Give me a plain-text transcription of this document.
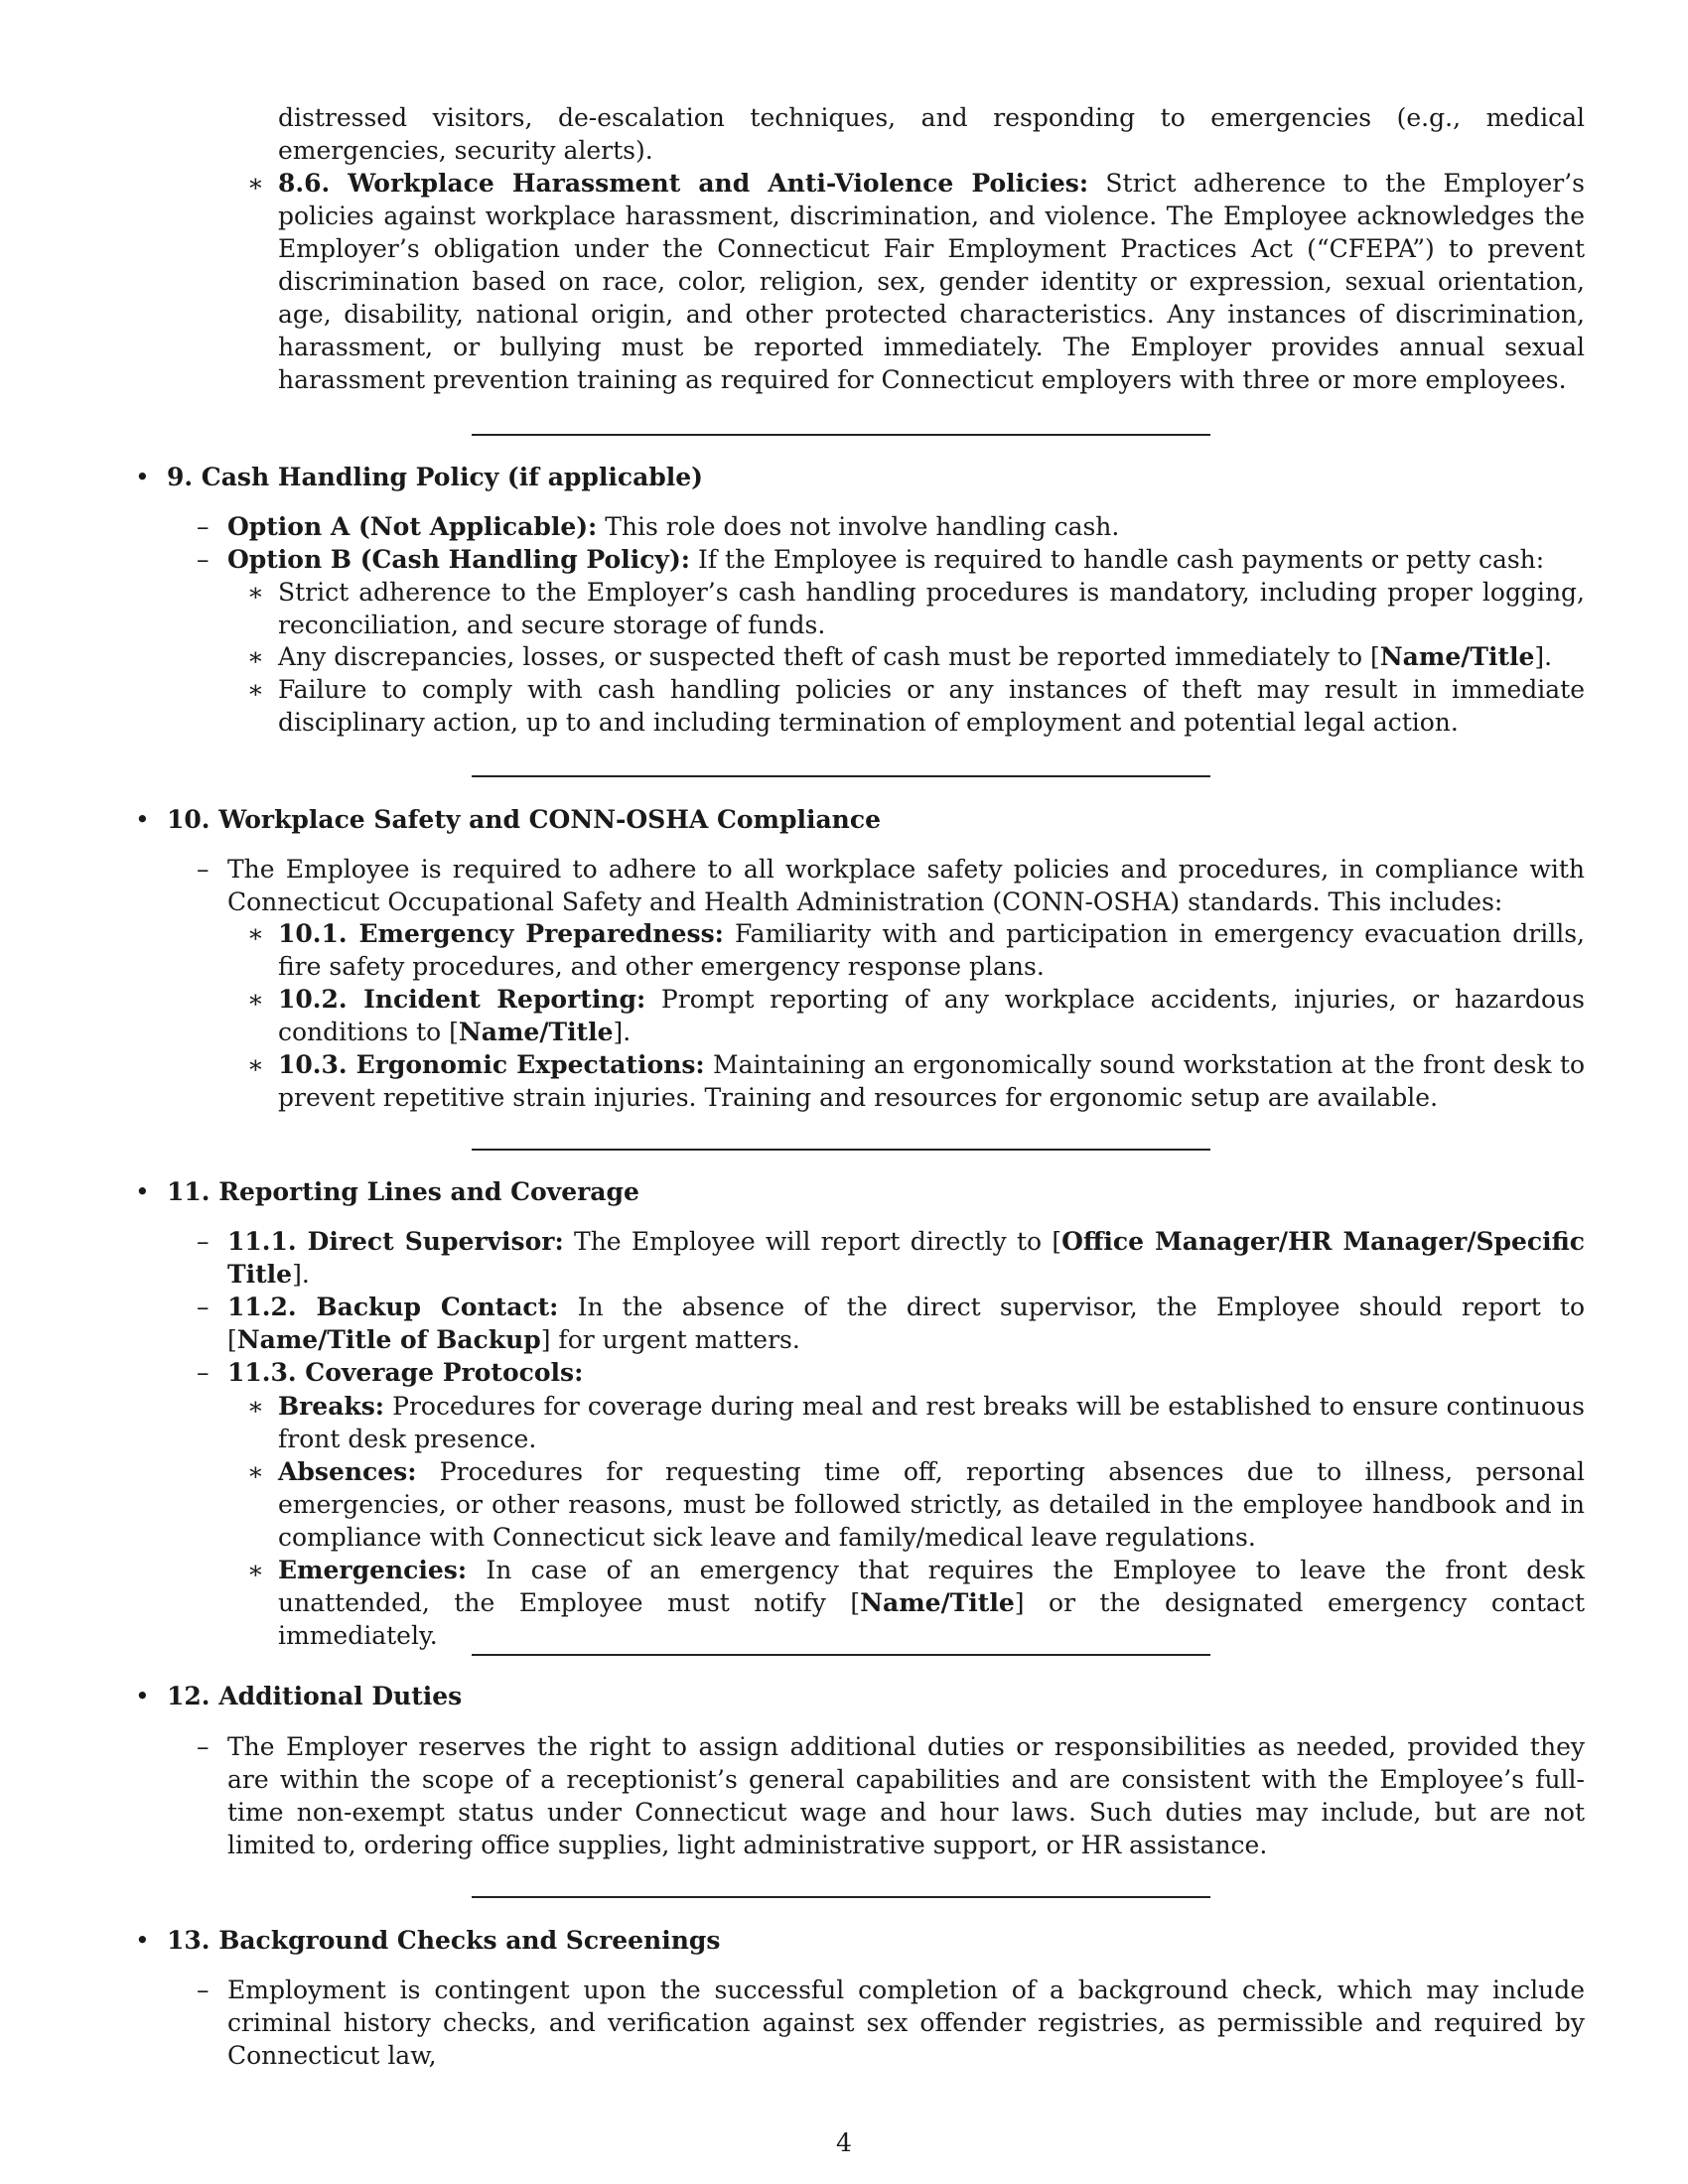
distressed visitors, de-escalation techniques, and responding to emergencies (e.g., medical emergencies, security alerts).

∗ 8.6. Workplace Harassment and Anti-Violence Policies: Strict adherence to the Employer’s policies against workplace harassment, discrimination, and violence. The Employee acknowledges the Employer’s obligation under the Connecticut Fair Employment Practices Act (“CFEPA”) to prevent discrimination based on race, color, religion, sex, gender identity or expression, sexual orientation, age, disability, national origin, and other protected characteristics. Any instances of discrimination, harassment, or bullying must be reported immediately. The Employer provides annual sexual harassment prevention training as required for Connecticut employers with three or more employees.

• 9. Cash Handling Policy (if applicable)
– Option A (Not Applicable): This role does not involve handling cash.

– Option B (Cash Handling Policy): If the Employee is required to handle cash payments or petty cash:

∗ Strict adherence to the Employer’s cash handling procedures is mandatory, including proper logging, reconciliation, and secure storage of funds.

∗ Any discrepancies, losses, or suspected theft of cash must be reported immediately to [Name/Title].

∗ Failure to comply with cash handling policies or any instances of theft may result in immediate disciplinary action, up to and including termination of employment and potential legal action.

• 10. Workplace Safety and CONN-OSHA Compliance
– The Employee is required to adhere to all workplace safety policies and procedures, in compliance with Connecticut Occupational Safety and Health Administration (CONN-OSHA) standards. This includes:

∗ 10.1. Emergency Preparedness: Familiarity with and participation in emergency evacuation drills, fire safety procedures, and other emergency response plans.

∗ 10.2. Incident Reporting: Prompt reporting of any workplace accidents, injuries, or hazardous conditions to [Name/Title].

∗ 10.3. Ergonomic Expectations: Maintaining an ergonomically sound workstation at the front desk to prevent repetitive strain injuries. Training and resources for ergonomic setup are available.

• 11. Reporting Lines and Coverage
– 11.1. Direct Supervisor: The Employee will report directly to [Office Manager/HR Manager/Specific Title].

– 11.2. Backup Contact: In the absence of the direct supervisor, the Employee should report to [Name/Title of Backup] for urgent matters.

– 11.3. Coverage Protocols:

∗ Breaks: Procedures for coverage during meal and rest breaks will be established to ensure continuous front desk presence.

∗ Absences: Procedures for requesting time off, reporting absences due to illness, personal emergencies, or other reasons, must be followed strictly, as detailed in the employee handbook and in compliance with Connecticut sick leave and family/medical leave regulations.

∗ Emergencies: In case of an emergency that requires the Employee to leave the front desk unattended, the Employee must notify [Name/Title] or the designated emergency contact immediately.

• 12. Additional Duties
– The Employer reserves the right to assign additional duties or responsibilities as needed, provided they are within the scope of a receptionist’s general capabilities and are consistent with the Employee’s full-time non-exempt status under Connecticut wage and hour laws. Such duties may include, but are not limited to, ordering office supplies, light administrative support, or HR assistance.

• 13. Background Checks and Screenings
– Employment is contingent upon the successful completion of a background check, which may include criminal history checks, and verification against sex offender registries, as permissible and required by Connecticut law,

4
